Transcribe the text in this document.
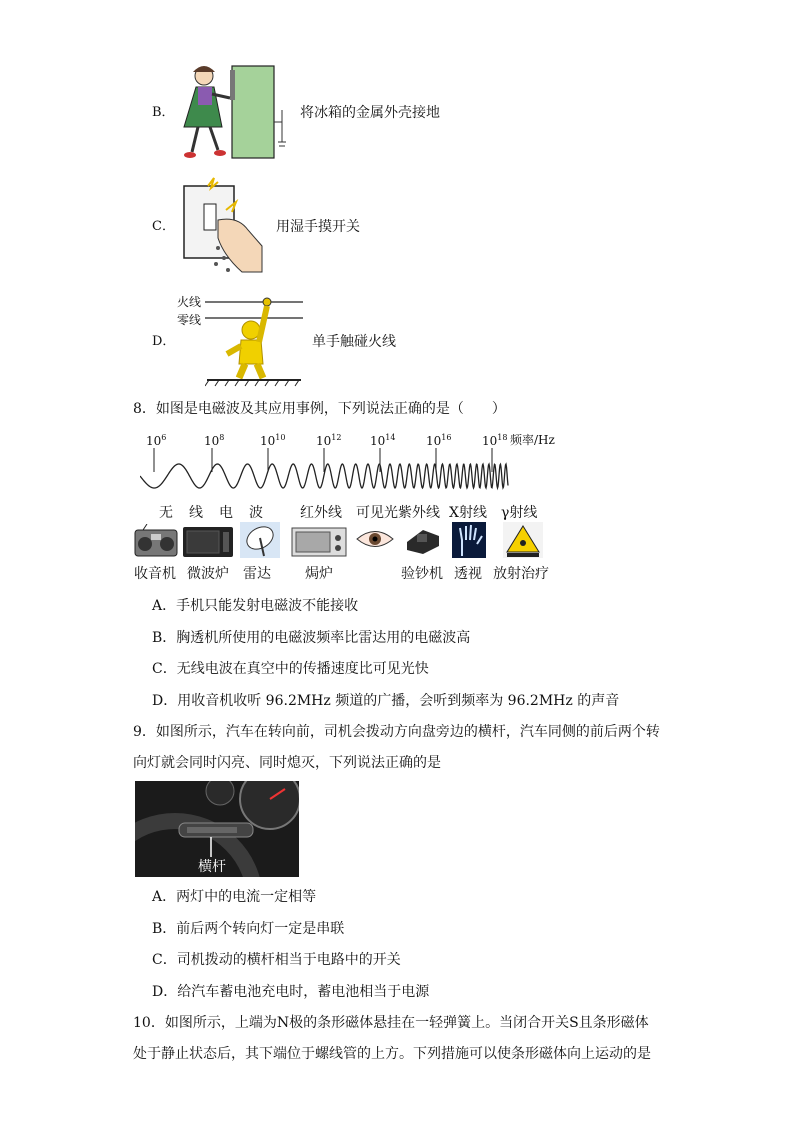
B．	将冰箱的金属外壳接地
C．	用湿手摸开关
D．
火线
零线
单手触碰火线
8．如图是电磁波及其应用事例，下列说法正确的是（　　）
$10^6$	$10^8$	$10^{10}$	$10^{12}$ $10^{14}$	$10^{16}$	$10^{18}$ 频率/Hz
无　线　电　波	红外线 可见光 紫外线 X射线 γ射线
收音机 微波炉 雷达 焗炉	验钞机 透视 放射治疗
A．手机只能发射电磁波不能接收
B．胸透机所使用的电磁波频率比雷达用的电磁波高
C．无线电波在真空中的传播速度比可见光快
D．用收音机收听 96.2MHz 频道的广播，会听到频率为 96.2MHz 的声音
9．如图所示，汽车在转向前，司机会拨动方向盘旁边的横杆，汽车同侧的前后两个转
向灯就会同时闪亮、同时熄灭，下列说法正确的是
横杆
A．两灯中的电流一定相等
B．前后两个转向灯一定是串联
C．司机拨动的横杆相当于电路中的开关
D．给汽车蓄电池充电时，蓄电池相当于电源
10．如图所示，上端为N极的条形磁体悬挂在一轻弹簧上。当闭合开关S且条形磁体
处于静止状态后，其下端位于螺线管的上方。下列措施可以使条形磁体向上运动的是
